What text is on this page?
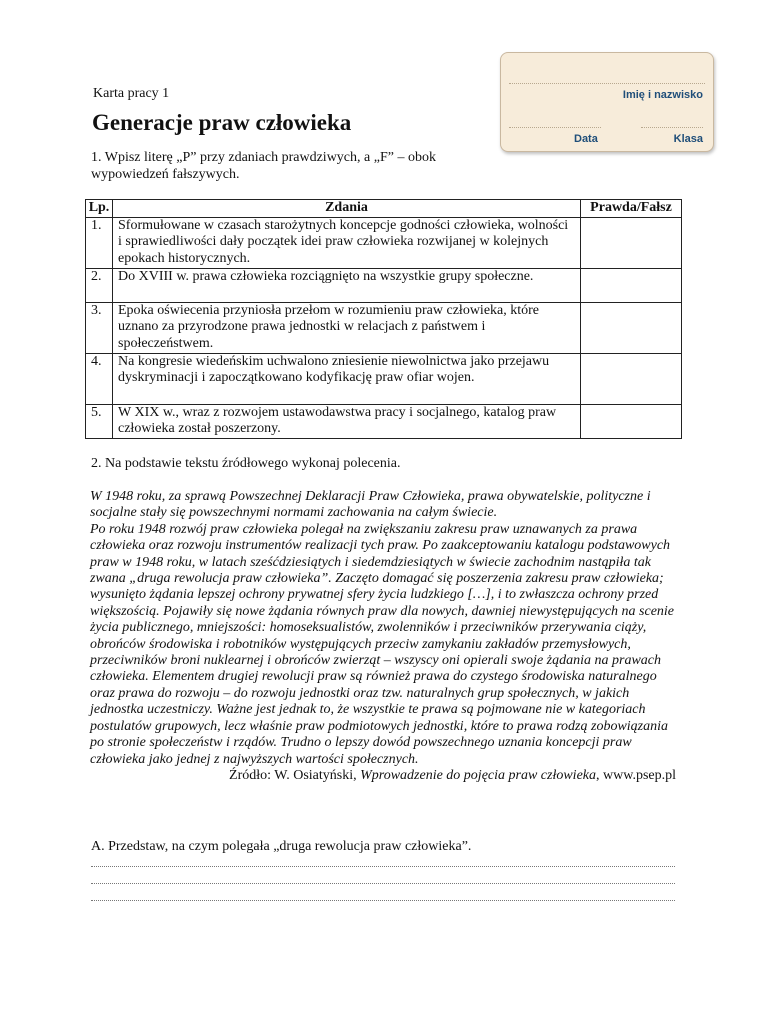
Imię i nazwisko
Data	Klasa
Karta pracy 1
Generacje praw człowieka
1. Wpisz literę „P” przy zdaniach prawdziwych, a „F” – obok wypowiedzeń fałszywych.
Lp.	Zdania	Prawda/Fałsz
1.	Sformułowane w czasach starożytnych koncepcje godności człowieka, wolności i sprawiedliwości dały początek idei praw człowieka rozwijanej w kolejnych epokach historycznych.	
2.	Do XVIII w. prawa człowieka rozciągnięto na wszystkie grupy społeczne.	
3.	Epoka oświecenia przyniosła przełom w rozumieniu praw człowieka, które uznano za przyrodzone prawa jednostki w relacjach z państwem i społeczeństwem.	
4.	Na kongresie wiedeńskim uchwalono zniesienie niewolnictwa jako przejawu dyskryminacji i zapoczątkowano kodyfikację praw ofiar wojen.	
5.	W XIX w., wraz z rozwojem ustawodawstwa pracy i socjalnego, katalog praw człowieka został poszerzony.	
2. Na podstawie tekstu źródłowego wykonaj polecenia.

W 1948 roku, za sprawą Powszechnej Deklaracji Praw Człowieka, prawa obywatelskie, polityczne i socjalne stały się powszechnymi normami zachowania na całym świecie.

Po roku 1948 rozwój praw człowieka polegał na zwiększaniu zakresu praw uznawanych za prawa człowieka oraz rozwoju instrumentów realizacji tych praw. Po zaakceptowaniu katalogu podstawowych praw w 1948 roku, w latach sześćdziesiątych i siedemdziesiątych w świecie zachodnim nastąpiła tak zwana „druga rewolucja praw człowieka”. Zaczęto domagać się poszerzenia zakresu praw człowieka; wysunięto żądania lepszej ochrony prywatnej sfery życia ludzkiego […], i to zwłaszcza ochrony przed większością. Pojawiły się nowe żądania równych praw dla nowych, dawniej niewystępujących na scenie życia publicznego, mniejszości: homoseksualistów, zwolenników i przeciwników przerywania ciąży, obrońców środowiska i robotników występujących przeciw zamykaniu zakładów przemysłowych, przeciwników broni nuklearnej i obrońców zwierząt – wszyscy oni opierali swoje żądania na prawach człowieka. Elementem drugiej rewolucji praw są również prawa do czystego środowiska naturalnego oraz prawa do rozwoju – do rozwoju jednostki oraz tzw. naturalnych grup społecznych, w jakich jednostka uczestniczy. Ważne jest jednak to, że wszystkie te prawa są pojmowane nie w kategoriach postulatów grupowych, lecz właśnie praw podmiotowych jednostki, które to prawa rodzą zobowiązania po stronie społeczeństw i rządów. Trudno o lepszy dowód powszechnego uznania koncepcji praw człowieka jako jednej z najwyższych wartości społecznych.

Źródło: W. Osiatyński, Wprowadzenie do pojęcia praw człowieka, www.psep.pl

A. Przedstaw, na czym polegała „druga rewolucja praw człowieka”.
